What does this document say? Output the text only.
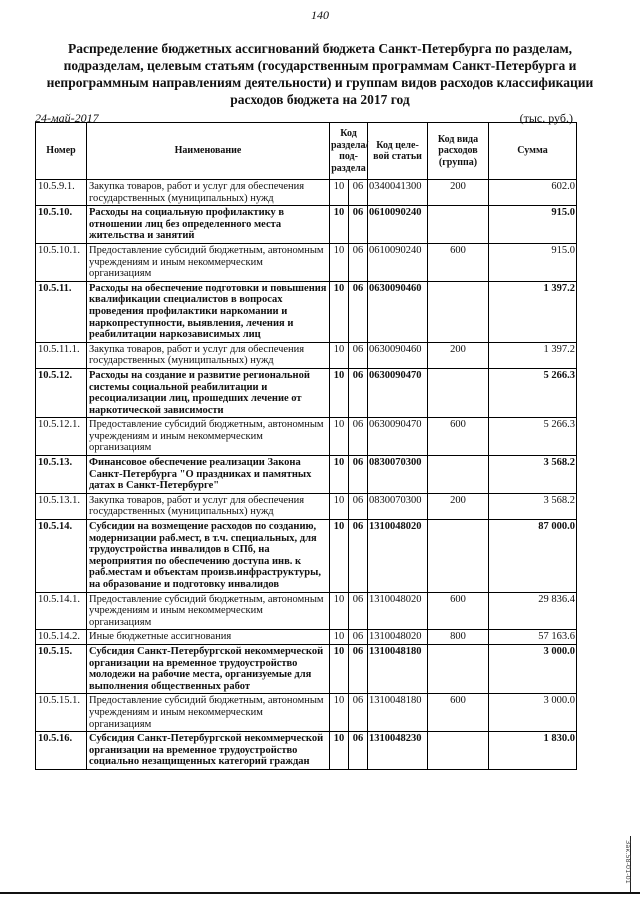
140
Распределение бюджетных ассигнований бюджета Санкт-Петербурга по разделам, подразделам, целевым статьям (государственным программам Санкт-Петербурга и непрограммным направлениям деятельности) и группам видов расходов классификации расходов бюджета на 2017 год
24-май-2017	(тыс. руб.)
Номер	Наименование	Код раздела/ под- раздела		Код целе- вой статьи	Код вида расходов (группа)	Сумма
10.5.9.1.	Закупка товаров, работ и услуг для обеспечения государственных (муниципальных) нужд	10	06	0340041300	200	602.0
10.5.10.	Расходы на социальную профилактику в отношении лиц без определенного места жительства и занятий	10	06	0610090240		915.0
10.5.10.1.	Предоставление субсидий бюджетным, автономным учреждениям и иным некоммерческим организациям	10	06	0610090240	600	915.0
10.5.11.	Расходы на обеспечение подготовки и повышения квалификации специалистов в вопросах проведения профилактики наркомании и наркопреступности, выявления, лечения и реабилитации наркозависимых лиц	10	06	0630090460		1 397.2
10.5.11.1.	Закупка товаров, работ и услуг для обеспечения государственных (муниципальных) нужд	10	06	0630090460	200	1 397.2
10.5.12.	Расходы на создание и развитие региональной системы социальной реабилитации и ресоциализации лиц, прошедших лечение от наркотической зависимости	10	06	0630090470		5 266.3
10.5.12.1.	Предоставление субсидий бюджетным, автономным учреждениям и иным некоммерческим организациям	10	06	0630090470	600	5 266.3
10.5.13.	Финансовое обеспечение реализации Закона Санкт-Петербурга "О праздниках и памятных датах в Санкт-Петербурге"	10	06	0830070300		3 568.2
10.5.13.1.	Закупка товаров, работ и услуг для обеспечения государственных (муниципальных) нужд	10	06	0830070300	200	3 568.2
10.5.14.	Субсидии на возмещение расходов по созданию, модернизации раб.мест, в т.ч. специальных, для трудоустройства инвалидов в СПб, на мероприятия по обеспечению доступа инв. к раб.местам и объектам произв.инфраструктуры, на образование и подготовку инвалидов	10	06	1310048020		87 000.0
10.5.14.1.	Предоставление субсидий бюджетным, автономным учреждениям и иным некоммерческим организациям	10	06	1310048020	600	29 836.4
10.5.14.2.	Иные бюджетные ассигнования	10	06	1310048020	800	57 163.6
10.5.15.	Субсидия Санкт-Петербургской некоммерческой организации на временное трудоустройство молодежи на рабочие места, организуемые для выполнения общественных работ	10	06	1310048180		3 000.0
10.5.15.1.	Предоставление субсидий бюджетным, автономным учреждениям и иным некоммерческим организациям	10	06	1310048180	600	3 000.0
10.5.16.	Субсидия Санкт-Петербургской некоммерческой организации на временное трудоустройство социально незащищенных категорий граждан	10	06	1310048230		1 830.0
Зак.58-01-01
